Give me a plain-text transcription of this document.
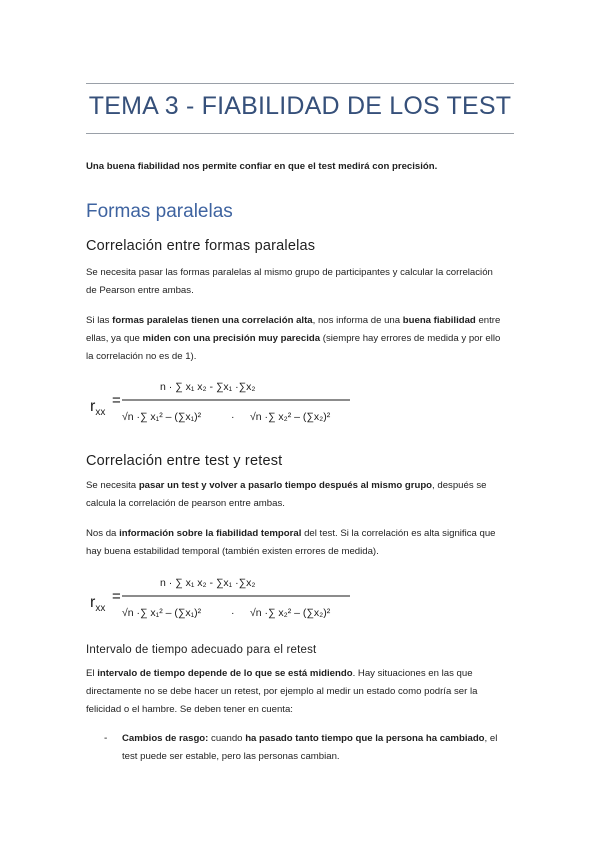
TEMA 3 - FIABILIDAD DE LOS TEST
Una buena fiabilidad nos permite confiar en que el test medirá con precisión.
Formas paralelas
Correlación entre formas paralelas
Se necesita pasar las formas paralelas al mismo grupo de participantes y calcular la correlación
de Pearson entre ambas.
Si las formas paralelas tienen una correlación alta, nos informa de una buena fiabilidad entre
ellas, ya que miden con una precisión muy parecida (siempre hay errores de medida y por ello
la correlación no es de 1).
$r_{xx}$
=
n · ∑ x₁ x₂ - ∑x₁ ·∑x₂
√n ·∑ x₁² – (∑x₁)²	· √n ·∑ x₂² – (∑x₂)²
Correlación entre test y retest
Se necesita pasar un test y volver a pasarlo tiempo después al mismo grupo, después se
calcula la correlación de pearson entre ambas.
Nos da información sobre la fiabilidad temporal del test. Si la correlación es alta significa que
hay buena estabilidad temporal (también existen errores de medida).
$r_{xx}$
=
n · ∑ x₁ x₂ - ∑x₁ ·∑x₂
√n ·∑ x₁² – (∑x₁)²	· √n ·∑ x₂² – (∑x₂)²
Intervalo de tiempo adecuado para el retest
El intervalo de tiempo depende de lo que se está midiendo. Hay situaciones en las que
directamente no se debe hacer un retest, por ejemplo al medir un estado como podría ser la
felicidad o el hambre. Se deben tener en cuenta:
- Cambios de rasgo: cuando ha pasado tanto tiempo que la persona ha cambiado, el
test puede ser estable, pero las personas cambian.
